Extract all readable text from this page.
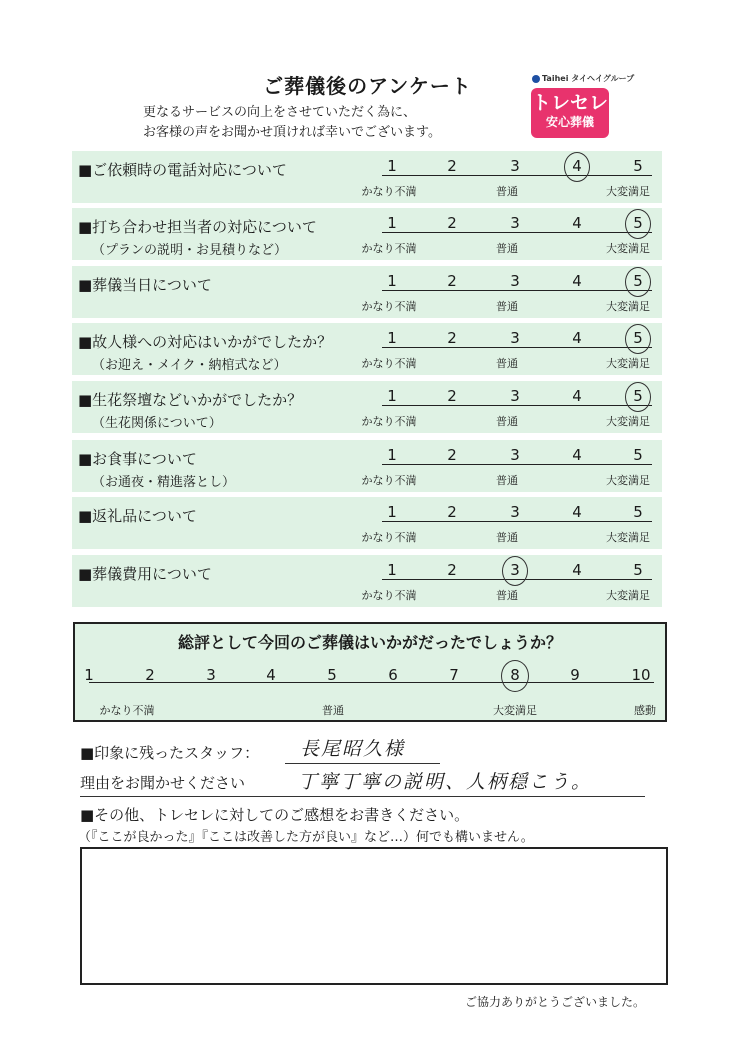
ご葬儀後のアンケート
更なるサービスの向上をさせていただく為に、
お客様の声をお聞かせ頂ければ幸いでございます。
Taihei タイヘイグループ
トレセレ
安心葬儀
■ご依頼時の電話対応について	1	2	3	4	5
かなり不満	普通	大変満足
■打ち合わせ担当者の対応について
（プランの説明・お見積りなど）
1	2	3	4	5
かなり不満	普通	大変満足
■葬儀当日について	1	2	3	4	5
かなり不満	普通	大変満足
■故人様への対応はいかがでしたか？
（お迎え・メイク・納棺式など）
1	2	3	4	5
かなり不満	普通	大変満足
■生花祭壇などいかがでしたか？
（生花関係について）
1	2	3	4	5
かなり不満	普通	大変満足
■お食事について
（お通夜・精進落とし）
1	2	3	4	5
かなり不満	普通	大変満足
■返礼品について	1	2	3	4	5
かなり不満	普通	大変満足
■葬儀費用について	1	2	3	4	5
かなり不満	普通	大変満足
総評として今回のご葬儀はいかがだったでしょうか？
1	2	3	4	5	6	7	8	9	10
かなり不満	普通	大変満足	感動
■印象に残ったスタッフ： 長尾昭久様
理由をお聞かせください	丁寧丁寧の説明、人柄穏こう。
■その他、トレセレに対してのご感想をお書きください。
（『ここが良かった』『ここは改善した方が良い』など…）何でも構いません。
ご協力ありがとうございました。
